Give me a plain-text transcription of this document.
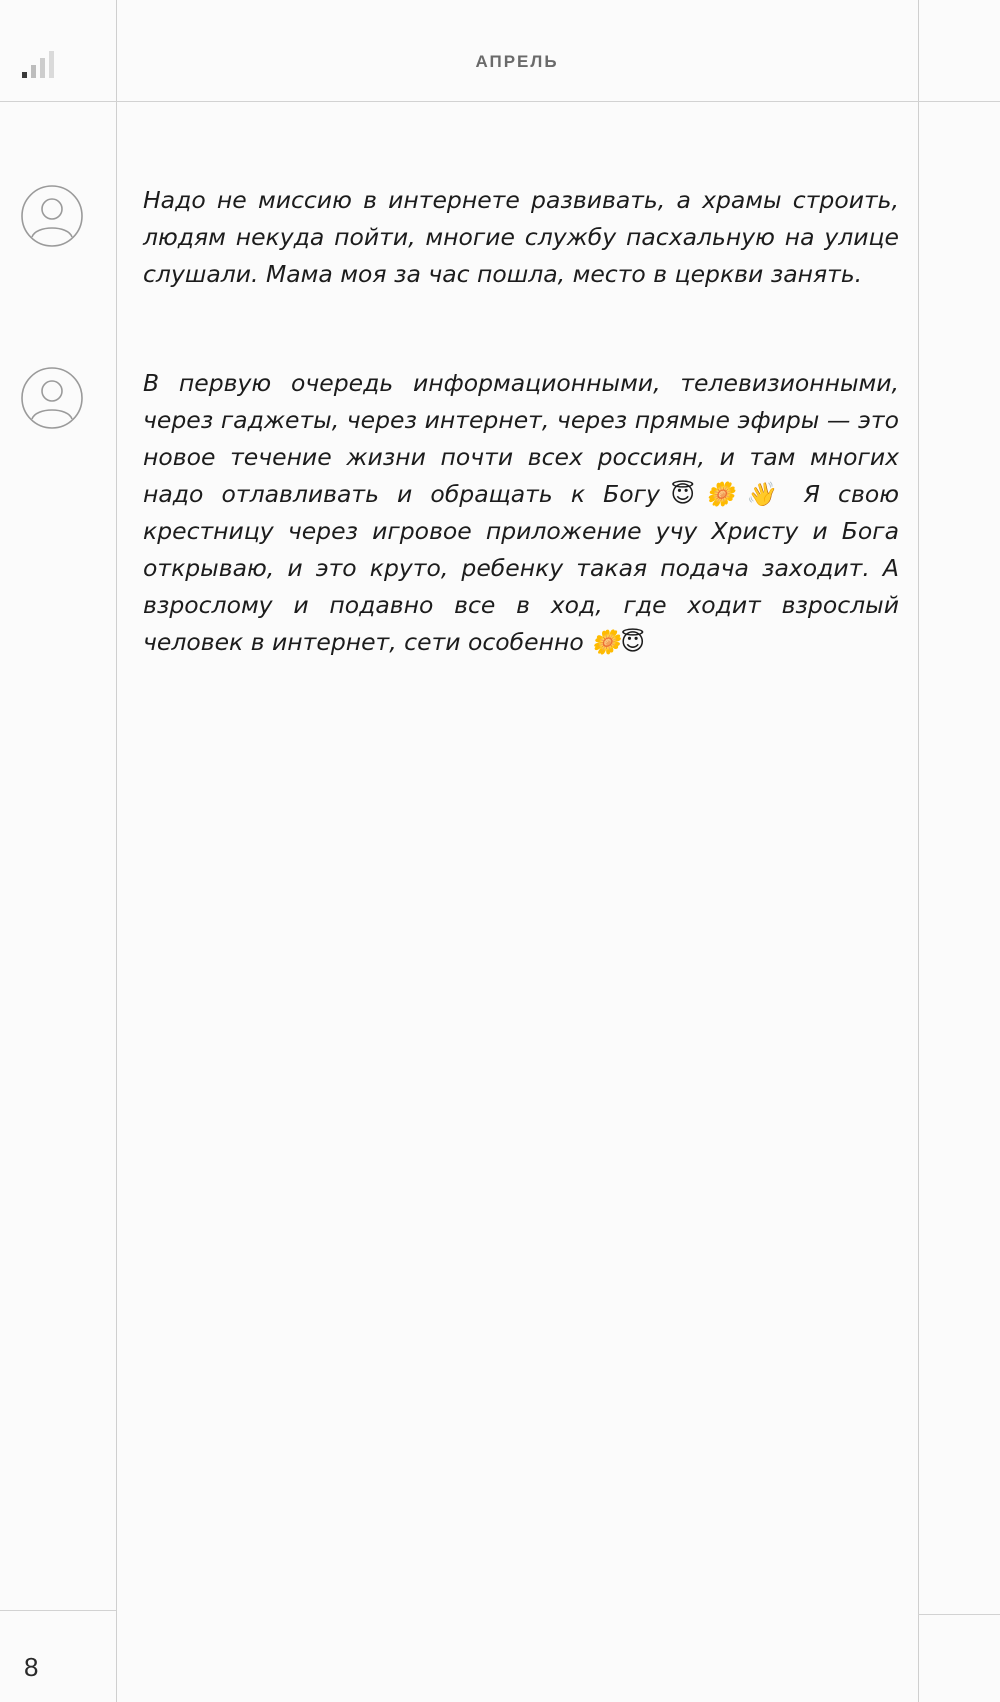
АПРЕЛЬ

Надо не миссию в интернете развивать, а храмы строить, людям некуда пойти, многие службу пасхальную на улице слушали. Мама моя за час пошла, место в церкви занять.

В первую очередь информационными, телевизионными, через гаджеты, через интернет, через прямые эфиры — это новое течение жизни почти всех россиян, и там многих надо отлавливать и обращать к Богу😇🌼👋 Я свою крестницу через игровое приложение учу Христу и Бога открываю, и это круто, ребенку такая подача заходит. А взрослому и подавно все в ход, где ходит взрослый человек в интернет, сети особенно 🌼😇

8
